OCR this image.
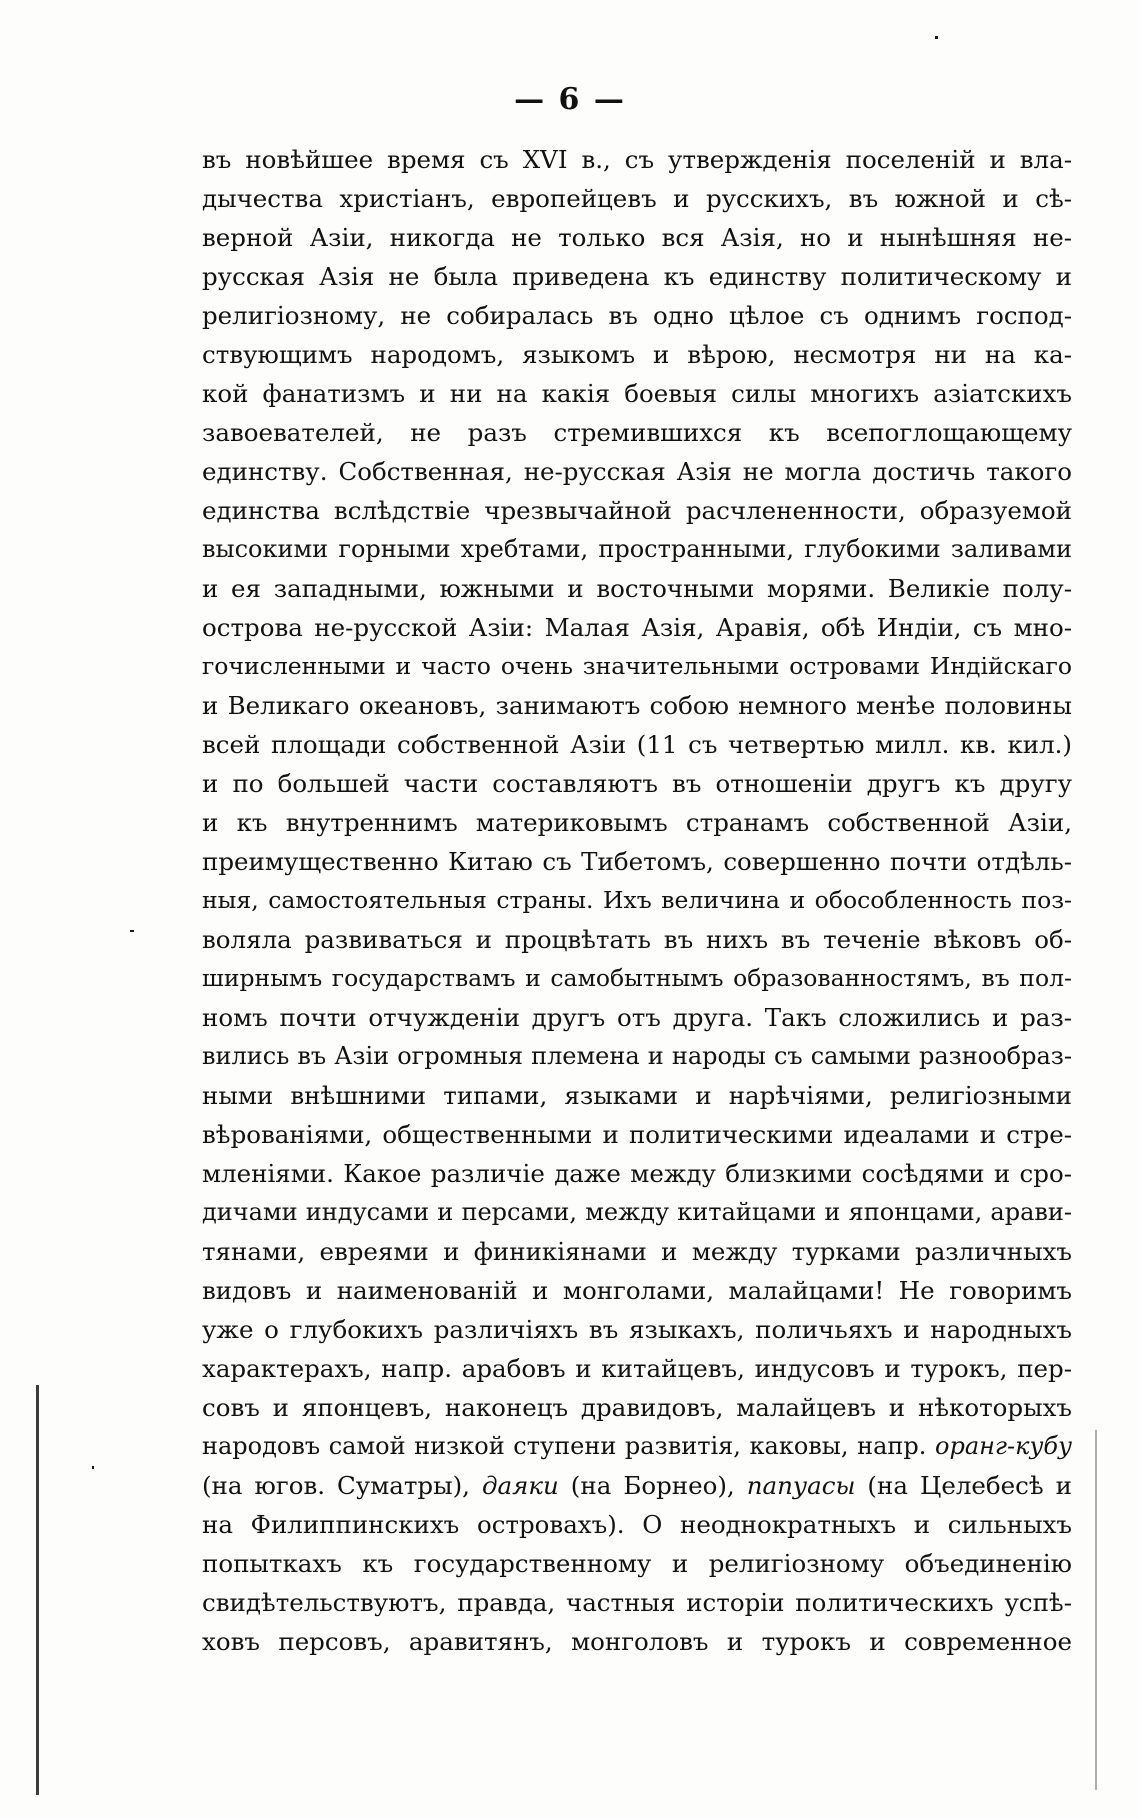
— 6 —
въ новѣйшее время съ XVI в., съ утвержденія поселеній и вла-
дычества христіанъ, европейцевъ и русскихъ, въ южной и сѣ-
верной Азіи, никогда не только вся Азія, но и нынѣшняя не-
русская Азія не была приведена къ единству политическому и
религіозному, не собиралась въ одно цѣлое съ однимъ господ-
ствующимъ народомъ, языкомъ и вѣрою, несмотря ни на ка-
кой фанатизмъ и ни на какія боевыя силы многихъ азіатскихъ
завоевателей, не разъ стремившихся къ всепоглощающему
единству. Собственная, не-русская Азія не могла достичь такого
единства вслѣдствіе чрезвычайной расчлененности, образуемой
высокими горными хребтами, пространными, глубокими заливами
и ея западными, южными и восточными морями. Великіе полу-
острова не-русской Азіи: Малая Азія, Аравія, обѣ Индіи, съ мно-
гочисленными и часто очень значительными островами Индійскаго
и Великаго океановъ, занимаютъ собою немного менѣе половины
всей площади собственной Азіи (11 съ четвертью милл. кв. кил.)
и по большей части составляютъ въ отношеніи другъ къ другу
и къ внутреннимъ материковымъ странамъ собственной Азіи,
преимущественно Китаю съ Тибетомъ, совершенно почти отдѣль-
ныя, самостоятельныя страны. Ихъ величина и обособленность поз-
воляла развиваться и процвѣтать въ нихъ въ теченіе вѣковъ об-
ширнымъ государствамъ и самобытнымъ образованностямъ, въ пол-
номъ почти отчужденіи другъ отъ друга. Такъ сложились и раз-
вились въ Азіи огромныя племена и народы съ самыми разнообраз-
ными внѣшними типами, языками и нарѣчіями, религіозными
вѣрованіями, общественными и политическими идеалами и стре-
мленіями. Какое различіе даже между близкими сосѣдями и сро-
дичами индусами и персами, между китайцами и японцами, арави-
тянами, евреями и финикіянами и между турками различныхъ
видовъ и наименованій и монголами, малайцами! Не говоримъ
уже о глубокихъ различіяхъ въ языкахъ, поличьяхъ и народныхъ
характерахъ, напр. арабовъ и китайцевъ, индусовъ и турокъ, пер-
совъ и японцевъ, наконецъ дравидовъ, малайцевъ и нѣкоторыхъ
народовъ самой низкой ступени развитія, каковы, напр. оранг-кубу
(на югов. Суматры), даяки (на Борнео), папуасы (на Целебесѣ и
на Филиппинскихъ островахъ). О неоднократныхъ и сильныхъ
попыткахъ къ государственному и религіозному объединенію
свидѣтельствуютъ, правда, частныя исторіи политическихъ успѣ-
ховъ персовъ, аравитянъ, монголовъ и турокъ и современное
